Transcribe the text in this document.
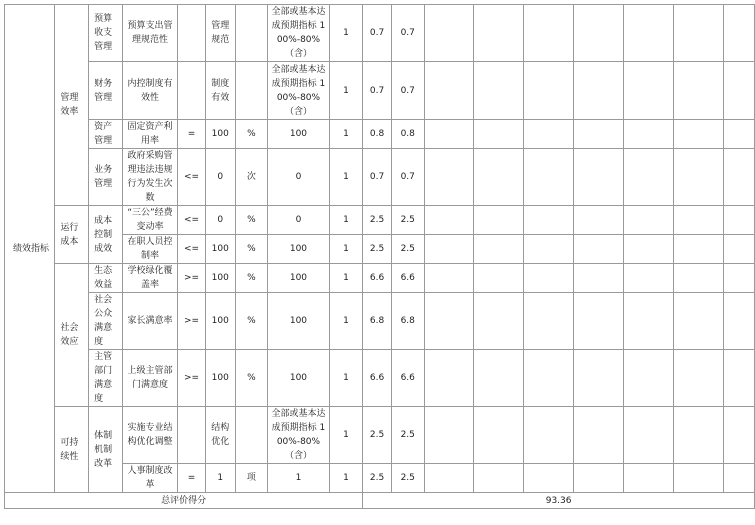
绩效指标	管理效率	预算收支管理	预算支出管理规范性		管理规范		全部或基本达成预期指标 100%-80%（含）	1	0.7	0.7							
		财务管理	内控制度有效性		制度有效		全部或基本达成预期指标 100%-80%（含）	1	0.7	0.7							
		资产管理	固定资产利用率	=	100	%	100	1	0.8	0.8							
		业务管理	政府采购管理违法违规行为发生次数	<=	0	次	0	1	0.7	0.7							
	运行成本	成本控制成效	“三公”经费变动率	<=	0	%	0	1	2.5	2.5							
			在职人员控制率	<=	100	%	100	1	2.5	2.5							
	社会效应	生态效益	学校绿化覆盖率	>=	100	%	100	1	6.6	6.6							
		社会公众满意度	家长满意率	>=	100	%	100	1	6.8	6.8							
		主管部门满意度	上级主管部门满意度	>=	100	%	100	1	6.6	6.6							
	可持续性	体制机制改革	实施专业结构优化调整		结构优化		全部或基本达成预期指标 100%-80%（含）	1	2.5	2.5							
			人事制度改革	=	1	项	1	1	2.5	2.5							
总评价得分									93.36								
